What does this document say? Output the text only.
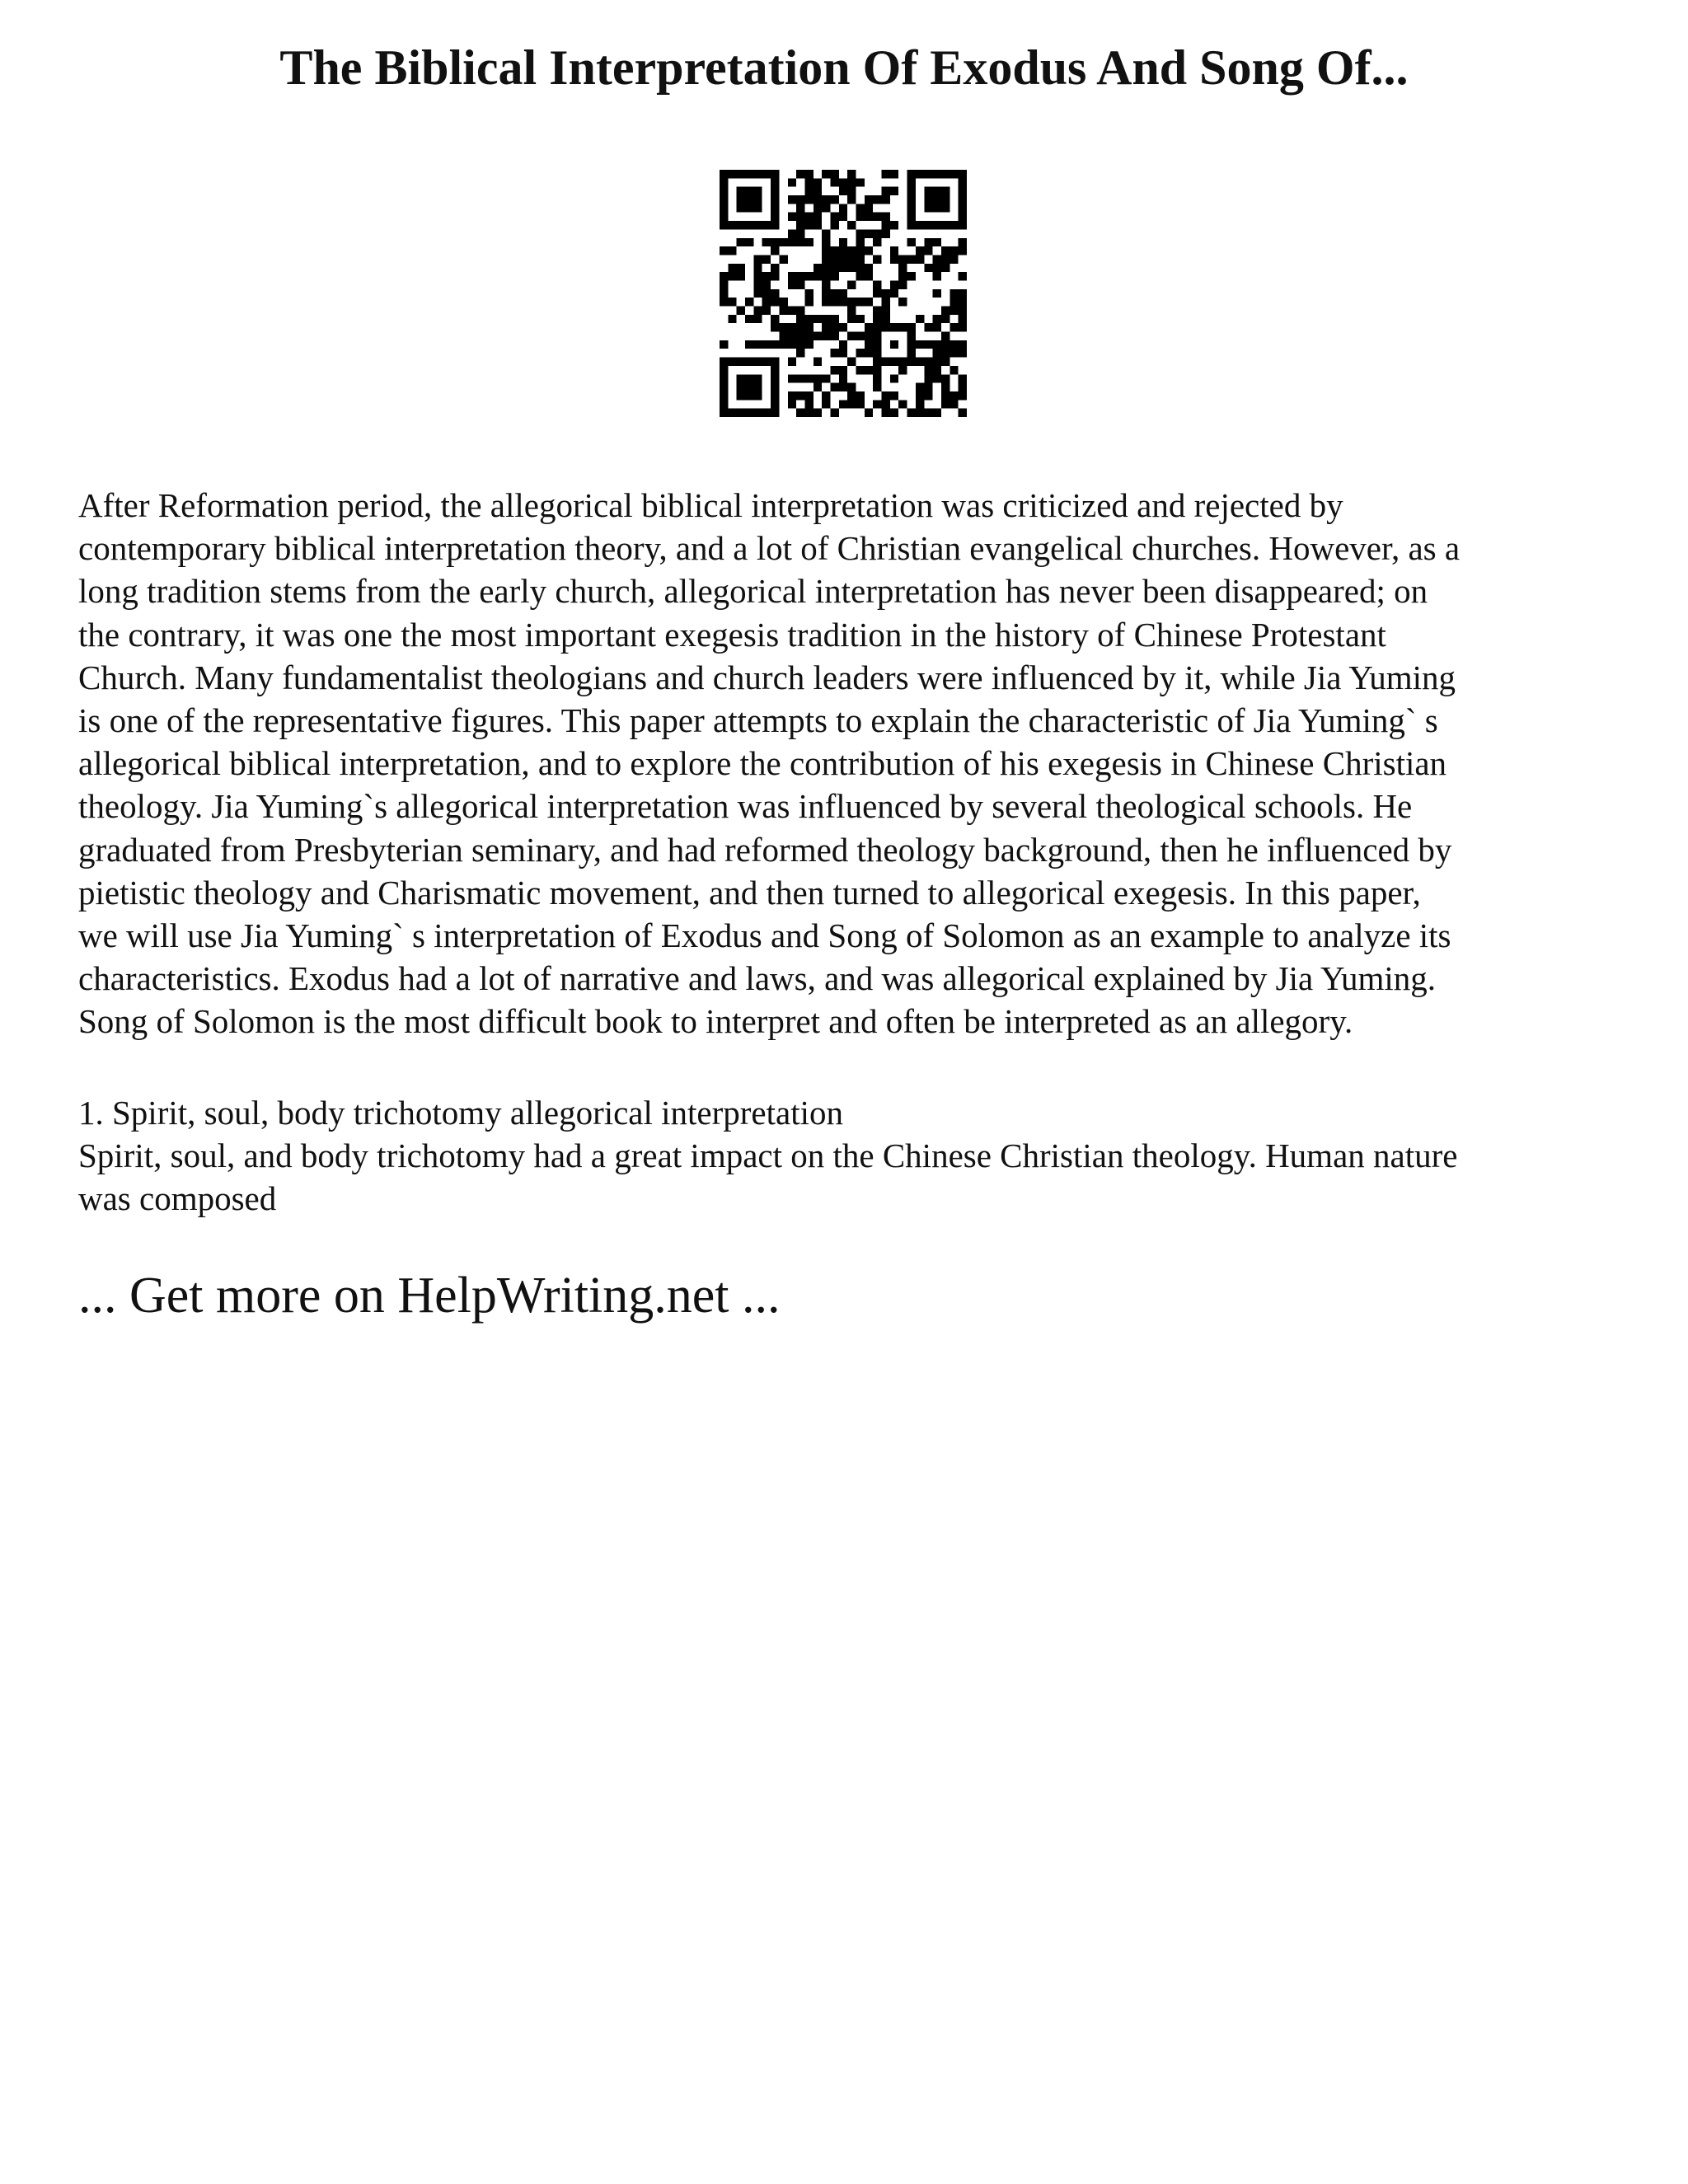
The Biblical Interpretation Of Exodus And Song Of...

After Reformation period, the allegorical biblical interpretation was criticized and rejected by
contemporary biblical interpretation theory, and a lot of Christian evangelical churches. However, as a
long tradition stems from the early church, allegorical interpretation has never been disappeared; on
the contrary, it was one the most important exegesis tradition in the history of Chinese Protestant
Church. Many fundamentalist theologians and church leaders were influenced by it, while Jia Yuming
is one of the representative figures. This paper attempts to explain the characteristic of Jia Yuming` s
allegorical biblical interpretation, and to explore the contribution of his exegesis in Chinese Christian
theology. Jia Yuming`s allegorical interpretation was influenced by several theological schools. He
graduated from Presbyterian seminary, and had reformed theology background, then he influenced by
pietistic theology and Charismatic movement, and then turned to allegorical exegesis. In this paper,
we will use Jia Yuming` s interpretation of Exodus and Song of Solomon as an example to analyze its
characteristics. Exodus had a lot of narrative and laws, and was allegorical explained by Jia Yuming.
Song of Solomon is the most difficult book to interpret and often be interpreted as an allegory.

1. Spirit, soul, body trichotomy allegorical interpretation

Spirit, soul, and body trichotomy had a great impact on the Chinese Christian theology. Human nature
was composed

... Get more on HelpWriting.net ...
